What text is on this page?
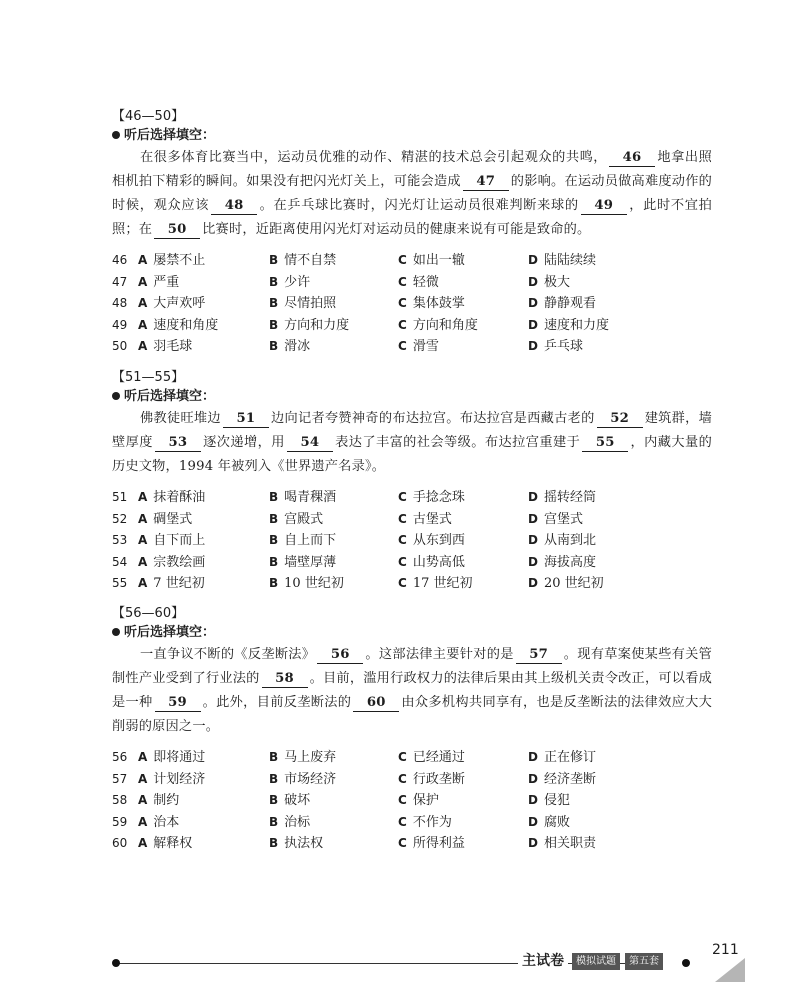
【46—50】
听后选择填空：
在很多体育比赛当中，运动员优雅的动作、精湛的技术总会引起观众的共鸣， 46 地拿出照相机拍下精彩的瞬间。如果没有把闪光灯关上，可能会造成 47 的影响。在运动员做高难度动作的时候，观众应该 48 。在乒乓球比赛时，闪光灯让运动员很难判断来球的 49 ，此时不宜拍照；在 50 比赛时，近距离使用闪光灯对运动员的健康来说有可能是致命的。
46 A 屡禁不止	B 情不自禁	C 如出一辙	D 陆陆续续
47 A 严重	B 少许	C 轻微	D 极大
48 A 大声欢呼	B 尽情拍照	C 集体鼓掌	D 静静观看
49 A 速度和角度	B 方向和力度	C 方向和角度	D 速度和力度
50 A 羽毛球	B 滑冰	C 滑雪	D 乒乓球
【51—55】
听后选择填空：
佛教徒旺堆边 51 边向记者夸赞神奇的布达拉宫。布达拉宫是西藏古老的 52 建筑群，墙壁厚度 53 逐次递增，用 54 表达了丰富的社会等级。布达拉宫重建于 55 ，内藏大量的历史文物，1994 年被列入《世界遗产名录》。
51 A 抹着酥油	B 喝青稞酒	C 手捻念珠	D 摇转经筒
52 A 碉堡式	B 宫殿式	C 古堡式	D 宫堡式
53 A 自下而上	B 自上而下	C 从东到西	D 从南到北
54 A 宗教绘画	B 墙壁厚薄	C 山势高低	D 海拔高度
55 A 7 世纪初	B 10 世纪初	C 17 世纪初	D 20 世纪初
【56—60】
听后选择填空：
一直争议不断的《反垄断法》 56 。这部法律主要针对的是 57 。现有草案使某些有关管制性产业受到了行业法的 58 。目前，滥用行政权力的法律后果由其上级机关责令改正，可以看成是一种 59 。此外，目前反垄断法的 60 由众多机构共同享有，也是反垄断法的法律效应大大削弱的原因之一。
56 A 即将通过	B 马上废弃	C 已经通过	D 正在修订
57 A 计划经济	B 市场经济	C 行政垄断	D 经济垄断
58 A 制约	B 破坏	C 保护	D 侵犯
59 A 治本	B 治标	C 不作为	D 腐败
60 A 解释权	B 执法权	C 所得利益	D 相关职责
主试卷	模拟试题	第五套
211
